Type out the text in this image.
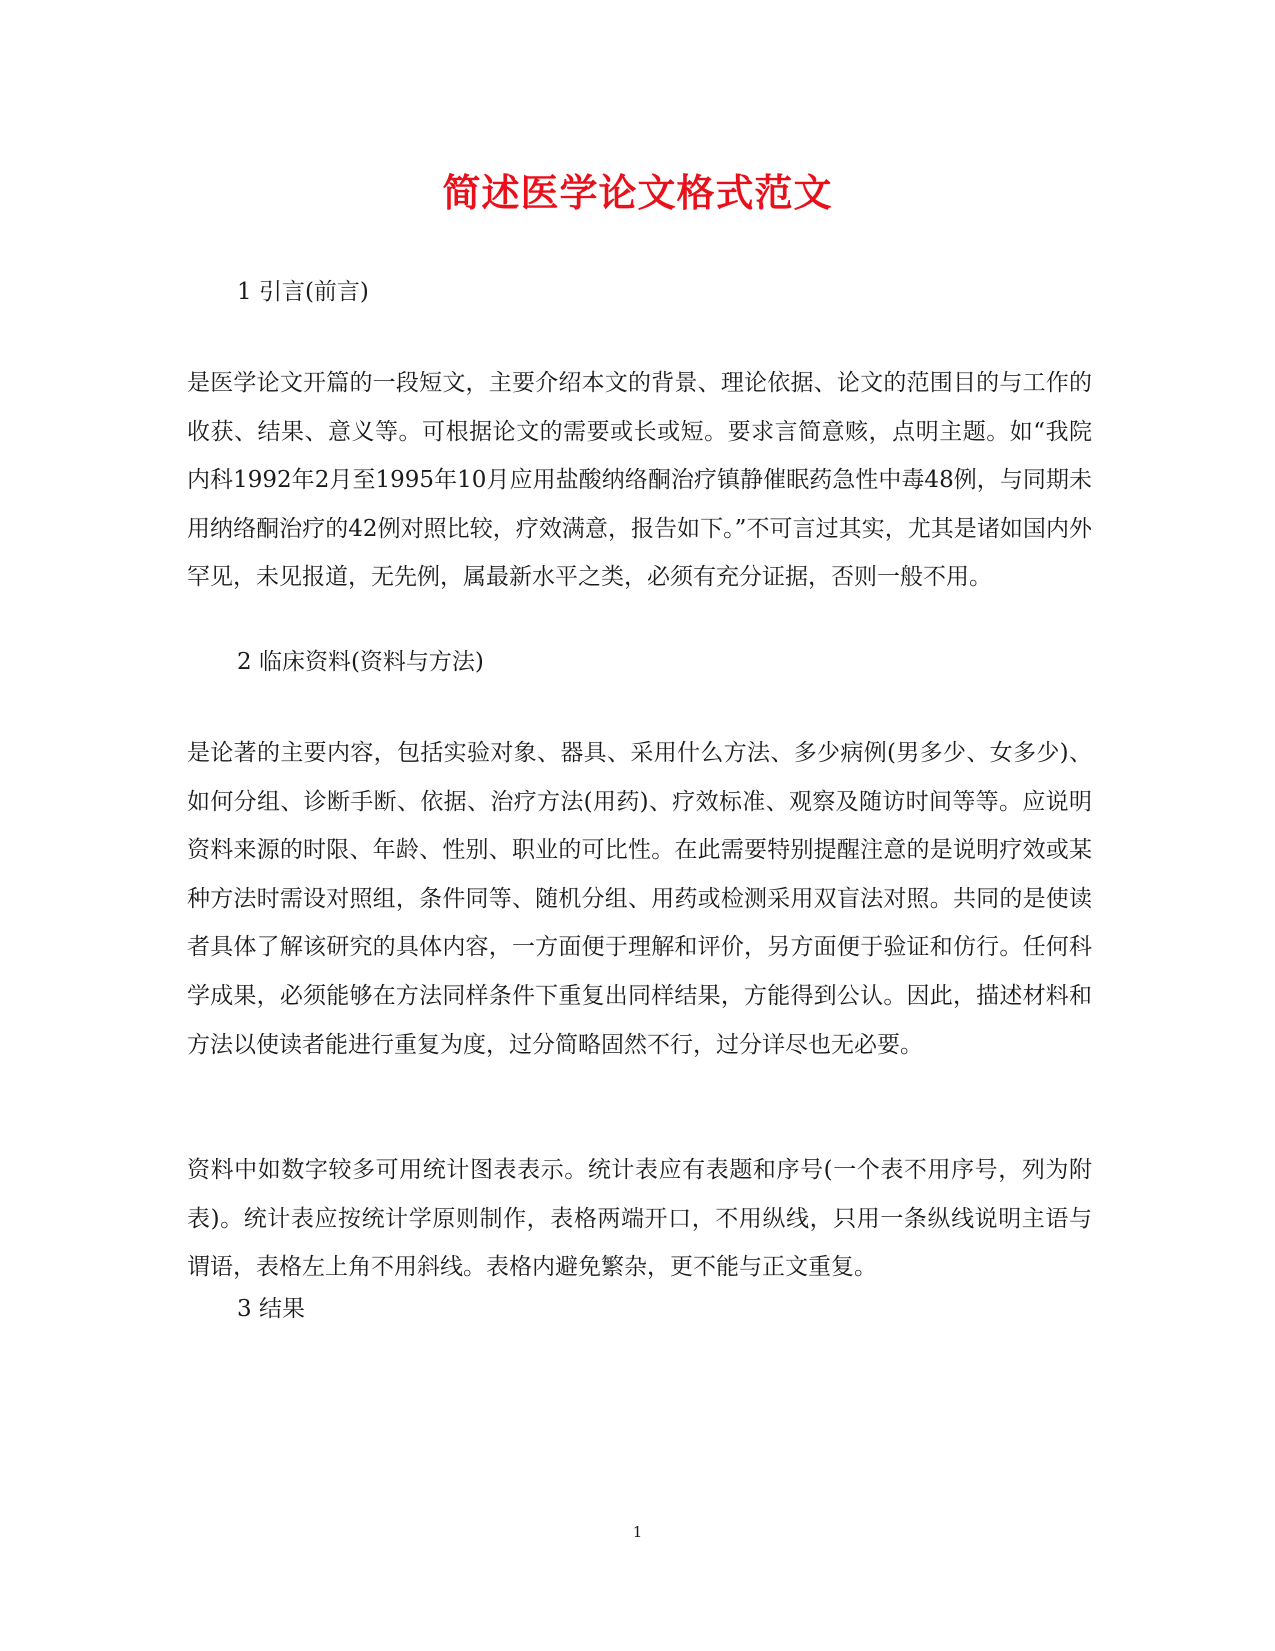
简述医学论文格式范文
1 引言(前言)
是医学论文开篇的一段短文，主要介绍本文的背景、理论依据、论文的范围目的与工作的收获、结果、意义等。可根据论文的需要或长或短。要求言简意赅，点明主题。如“我院内科1992年2月至1995年10月应用盐酸纳络酮治疗镇静催眠药急性中毒48例，与同期未用纳络酮治疗的42例对照比较，疗效满意，报告如下。”不可言过其实，尤其是诸如国内外罕见，未见报道，无先例，属最新水平之类，必须有充分证据，否则一般不用。
2 临床资料(资料与方法)
是论著的主要内容，包括实验对象、器具、采用什么方法、多少病例(男多少、女多少)、如何分组、诊断手断、依据、治疗方法(用药)、疗效标准、观察及随访时间等等。应说明资料来源的时限、年龄、性别、职业的可比性。在此需要特别提醒注意的是说明疗效或某种方法时需设对照组，条件同等、随机分组、用药或检测采用双盲法对照。共同的是使读者具体了解该研究的具体内容，一方面便于理解和评价，另方面便于验证和仿行。任何科学成果，必须能够在方法同样条件下重复出同样结果，方能得到公认。因此，描述材料和方法以使读者能进行重复为度，过分简略固然不行，过分详尽也无必要。
资料中如数字较多可用统计图表表示。统计表应有表题和序号(一个表不用序号，列为附表)。统计表应按统计学原则制作，表格两端开口，不用纵线，只用一条纵线说明主语与谓语，表格左上角不用斜线。表格内避免繁杂，更不能与正文重复。
3 结果
1
